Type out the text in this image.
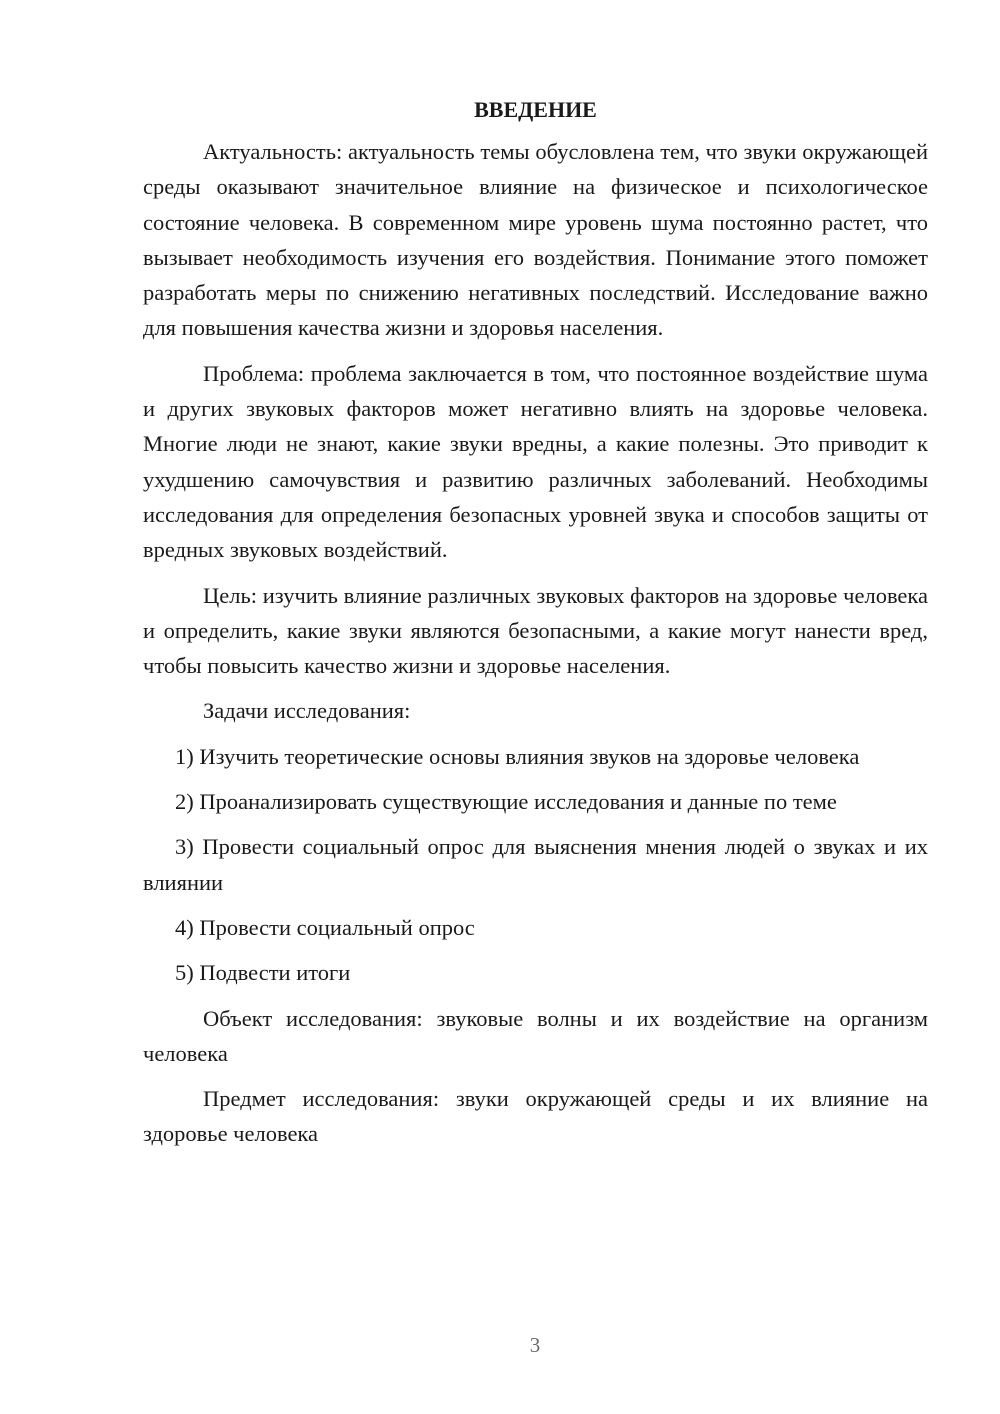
ВВЕДЕНИЕ

Актуальность: актуальность темы обусловлена тем, что звуки окружающей среды оказывают значительное влияние на физическое и психологическое состояние человека. В современном мире уровень шума постоянно растет, что вызывает необходимость изучения его воздействия. Понимание этого поможет разработать меры по снижению негативных последствий. Исследование важно для повышения качества жизни и здоровья населения.

Проблема: проблема заключается в том, что постоянное воздействие шума и других звуковых факторов может негативно влиять на здоровье человека. Многие люди не знают, какие звуки вредны, а какие полезны. Это приводит к ухудшению самочувствия и развитию различных заболеваний. Необходимы исследования для определения безопасных уровней звука и способов защиты от вредных звуковых воздействий.

Цель: изучить влияние различных звуковых факторов на здоровье человека и определить, какие звуки являются безопасными, а какие могут нанести вред, чтобы повысить качество жизни и здоровье населения.

Задачи исследования:

1) Изучить теоретические основы влияния звуков на здоровье человека

2) Проанализировать существующие исследования и данные по теме

3) Провести социальный опрос для выяснения мнения людей о звуках и их влиянии

4) Провести социальный опрос

5) Подвести итоги

Объект исследования: звуковые волны и их воздействие на организм человека

Предмет исследования: звуки окружающей среды и их влияние на здоровье человека

3
